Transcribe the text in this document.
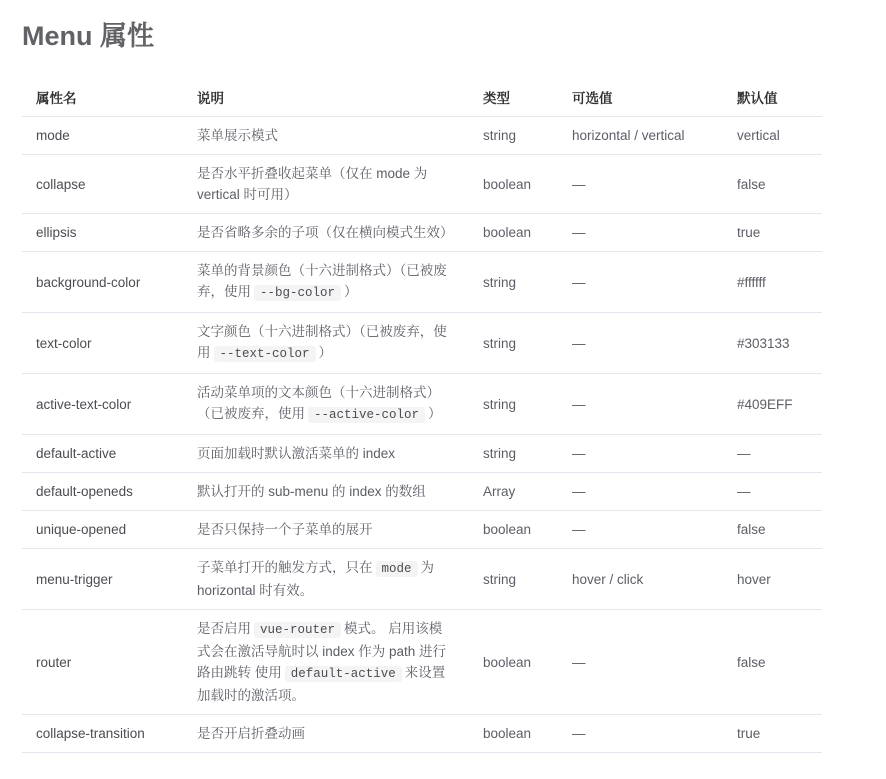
Menu 属性
属性名	说明	类型	可选值	默认值
mode	菜单展示模式	string	horizontal / vertical	vertical
collapse	是否水平折叠收起菜单（仅在 mode 为 vertical 时可用）	boolean	—	false
ellipsis	是否省略多余的子项（仅在横向模式生效）	boolean	—	true
background-color	菜单的背景颜色（十六进制格式）（已被废弃，使用 --bg-color ）	string	—	#ffffff
text-color	文字颜色（十六进制格式）（已被废弃，使用 --text-color ）	string	—	#303133
active-text-color	活动菜单项的文本颜色（十六进制格式）（已被废弃，使用 --active-color ）	string	—	#409EFF
default-active	页面加载时默认激活菜单的 index	string	—	—
default-openeds	默认打开的 sub-menu 的 index 的数组	Array	—	—
unique-opened	是否只保持一个子菜单的展开	boolean	—	false
menu-trigger	子菜单打开的触发方式，只在 mode 为 horizontal 时有效。	string	hover / click	hover
router	是否启用 vue-router 模式。 启用该模式会在激活导航时以 index 作为 path 进行路由跳转 使用 default-active 来设置加载时的激活项。	boolean	—	false
collapse-transition	是否开启折叠动画	boolean	—	true
